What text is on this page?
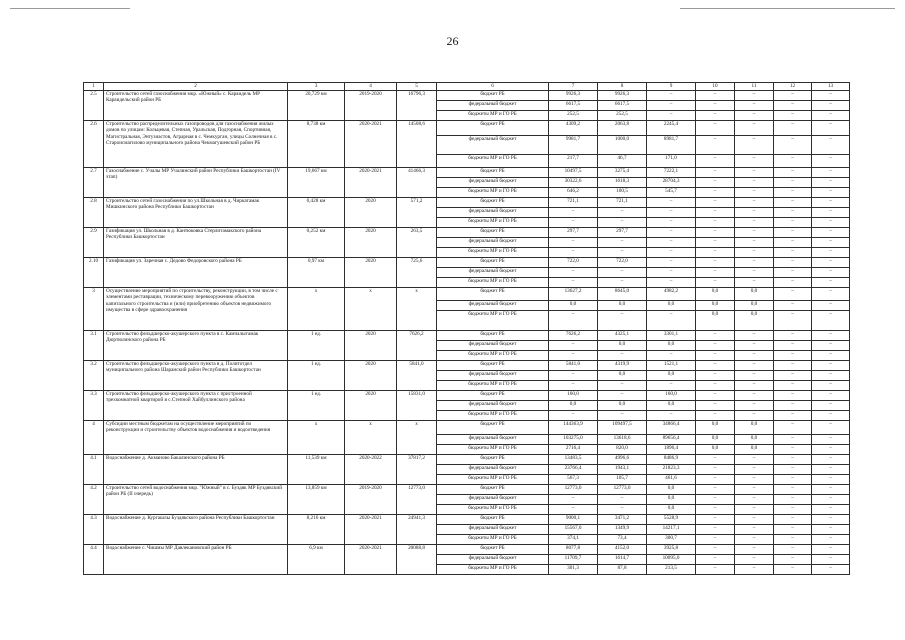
26
1	2	3	4	5	6	7	8	9	10	11	12	13
2.5	Строительство сетей газоснабжения мкр. «Южный» с. Караидель МР Караидельский район РБ	20,729 км	2019-2020	16796,3	бюджет РБ	9926,3	9926,3	–	–	–	–	–
					федеральный бюджет	6617,5	6617,5	–	–	–	–	–
					бюджеты МР и ГО РБ	252,5	252,5	–	–	–	–	–
2.6	Строительство распределительных газопроводов для газоснабжения жилых домов по улицам: Кольцевая, Степная, Уральская, Подгорная, Спортивная, Магистральная, Энтузиастов, Аграрная в с. Чемкурган, улицы Солнечная в с. Староисмагилово муниципального района Чекмагушевский район РБ	8,738 км	2020-2021	14508,6	бюджет РБ	4309,2	2063,8	2245,4	–	–	–	–
					федеральный бюджет	9981,7	1000,0	8981,7	–	–	–	–
					бюджеты МР и ГО РБ	217,7	46,7	171,0	–	–	–	–
2.7	Газоснабжение с. Учалы МР Учалинский район Республики Башкортостан (IV этап)	19,667 км	2020-2021	41466,3	бюджет РБ	10497,5	3275,4	7222,1	–	–	–	–
					федеральный бюджет	30322,6	1618,3	28704,3	–	–	–	–
					бюджеты МР и ГО РБ	646,2	100,5	545,7	–	–	–	–
2.8	Строительство сетей газоснабжения по ул.Школьная в д. Чиркатамак Мишкинского района Республики Башкортостан	0,428 км	2020	571,2	бюджет РБ	721,1	721,1	–	–	–	–	–
					федеральный бюджет	–	–	–	–	–	–	–
					бюджеты МР и ГО РБ	–	–	–	–	–	–	–
2.9	Газификация ул. Школьная в д. Кантюковка Стерлитамакского района Республики Башкортостан	0,252 км	2020	263,5	бюджет РБ	297,7	297,7	–	–	–	–	–
					федеральный бюджет	–	–	–	–	–	–	–
					бюджеты МР и ГО РБ	–	–	–	–	–	–	–
2.10	Газификация ул. Заречная с. Дедово Федоровского района РБ	0,97 км	2020	725,6	бюджет РБ	722,0	722,0	–	–	–	–	–
					федеральный бюджет	–	–	–	–	–	–	–
					бюджеты МР и ГО РБ	–	–	–	–	–	–	–
3	Осуществление мероприятий по строительству, реконструкции, в том числе с элементами реставрации, техническому перевооружению объектов капитального строительства и (или) приобретению объектов недвижимого имущества в сфере здравоохранения	х	х	х	бюджет РБ	13627,2	8645,0	4982,2	0,0	0,0	–	–
					федеральный бюджет	0,0	0,0	0,0	0,0	0,0	–	–
					бюджеты МР и ГО РБ	–	–	–	0,0	0,0	–	–
3.1	Строительство фельдшерско-акушерского пункта в с. Камчалытамак Дюртюлинского района РБ	1 ед.	2020	7626,2	бюджет РБ	7626,2	4325,1	3301,1	–	–	–	–
					федеральный бюджет	–	0,0	0,0	–	–	–	–
					бюджеты МР и ГО РБ	–	–	–	–	–	–	–
3.2	Строительство фельдшерско-акушерского пункта в д. Политотдел муниципального района Шаранский район Республики Башкортостан	1 ед.	2020	5841,0	бюджет РБ	5841,0	4319,9	1521,1	–	–	–	–
					федеральный бюджет	–	0,0	0,0	–	–	–	–
					бюджеты МР и ГО РБ	–	–	–	–	–	–	–
3.3	Строительство фельдшерско-акушерского пункта с пристроенной трехкомнатной квартирой в с.Степной Хайбуллинского района	1 ед.	2020	15831,0	бюджет РБ	160,0	–	160,0	–	–	–	–
					федеральный бюджет	0,0	0,0	0,0	–	–	–	–
					бюджеты МР и ГО РБ	–	–	–	–	–	–	–
4	Субсидии местным бюджетам на осуществление мероприятий по реконструкции и строительству объектов водоснабжения и водоотведения	х	х	х	бюджет РБ	144363,9	109497,5	34866,4	0,0	0,0	–	–
					федеральный бюджет	103275,0	13618,6	89656,4	0,0	0,0	–	–
					бюджеты МР и ГО РБ	2716,4	820,0	1896,4	0,0	0,0	–	–
4.1	Водоснабжение д. Акманово Бакалинского района РБ	11,539 км	2020-2022	37817,2	бюджет РБ	13483,5	4996,6	8486,9	–	–	–	–
					федеральный бюджет	23766,4	1943,1	21823,3	–	–	–	–
					бюджеты МР и ГО РБ	567,3	105,7	461,6	–	–	–	–
4.2	Строительство сетей водоснабжения мкр. "Южный" в с. Буздяк МР Буздякский район РБ (II очередь)	13,859 км	2019-2020	12773,0	бюджет РБ	12773,0	12773,0	0,0	–	–	–	–
					федеральный бюджет	–	–	0,0	–	–	–	–
					бюджеты МР и ГО РБ	–	–	0,0	–	–	–	–
4.3	Водоснабжение д. Кургашлы Буздякского района Республики Башкортостан	8,216 км	2020-2021	24941,3	бюджет РБ	9000,1	3471,2	5528,9	–	–	–	–
					федеральный бюджет	15567,0	1349,9	14217,1	–	–	–	–
					бюджеты МР и ГО РБ	374,1	73,4	300,7	–	–	–	–
4.4	Водоснабжение с. Чишмы МР Давлекановский район РБ	6,9 км	2020-2021	20088,8	бюджет РБ	8077,8	4152,0	3925,8	–	–	–	–
					федеральный бюджет	11709,7	1614,7	10095,0	–	–	–	–
					бюджеты МР и ГО РБ	301,3	87,8	213,5	–	–	–	–
